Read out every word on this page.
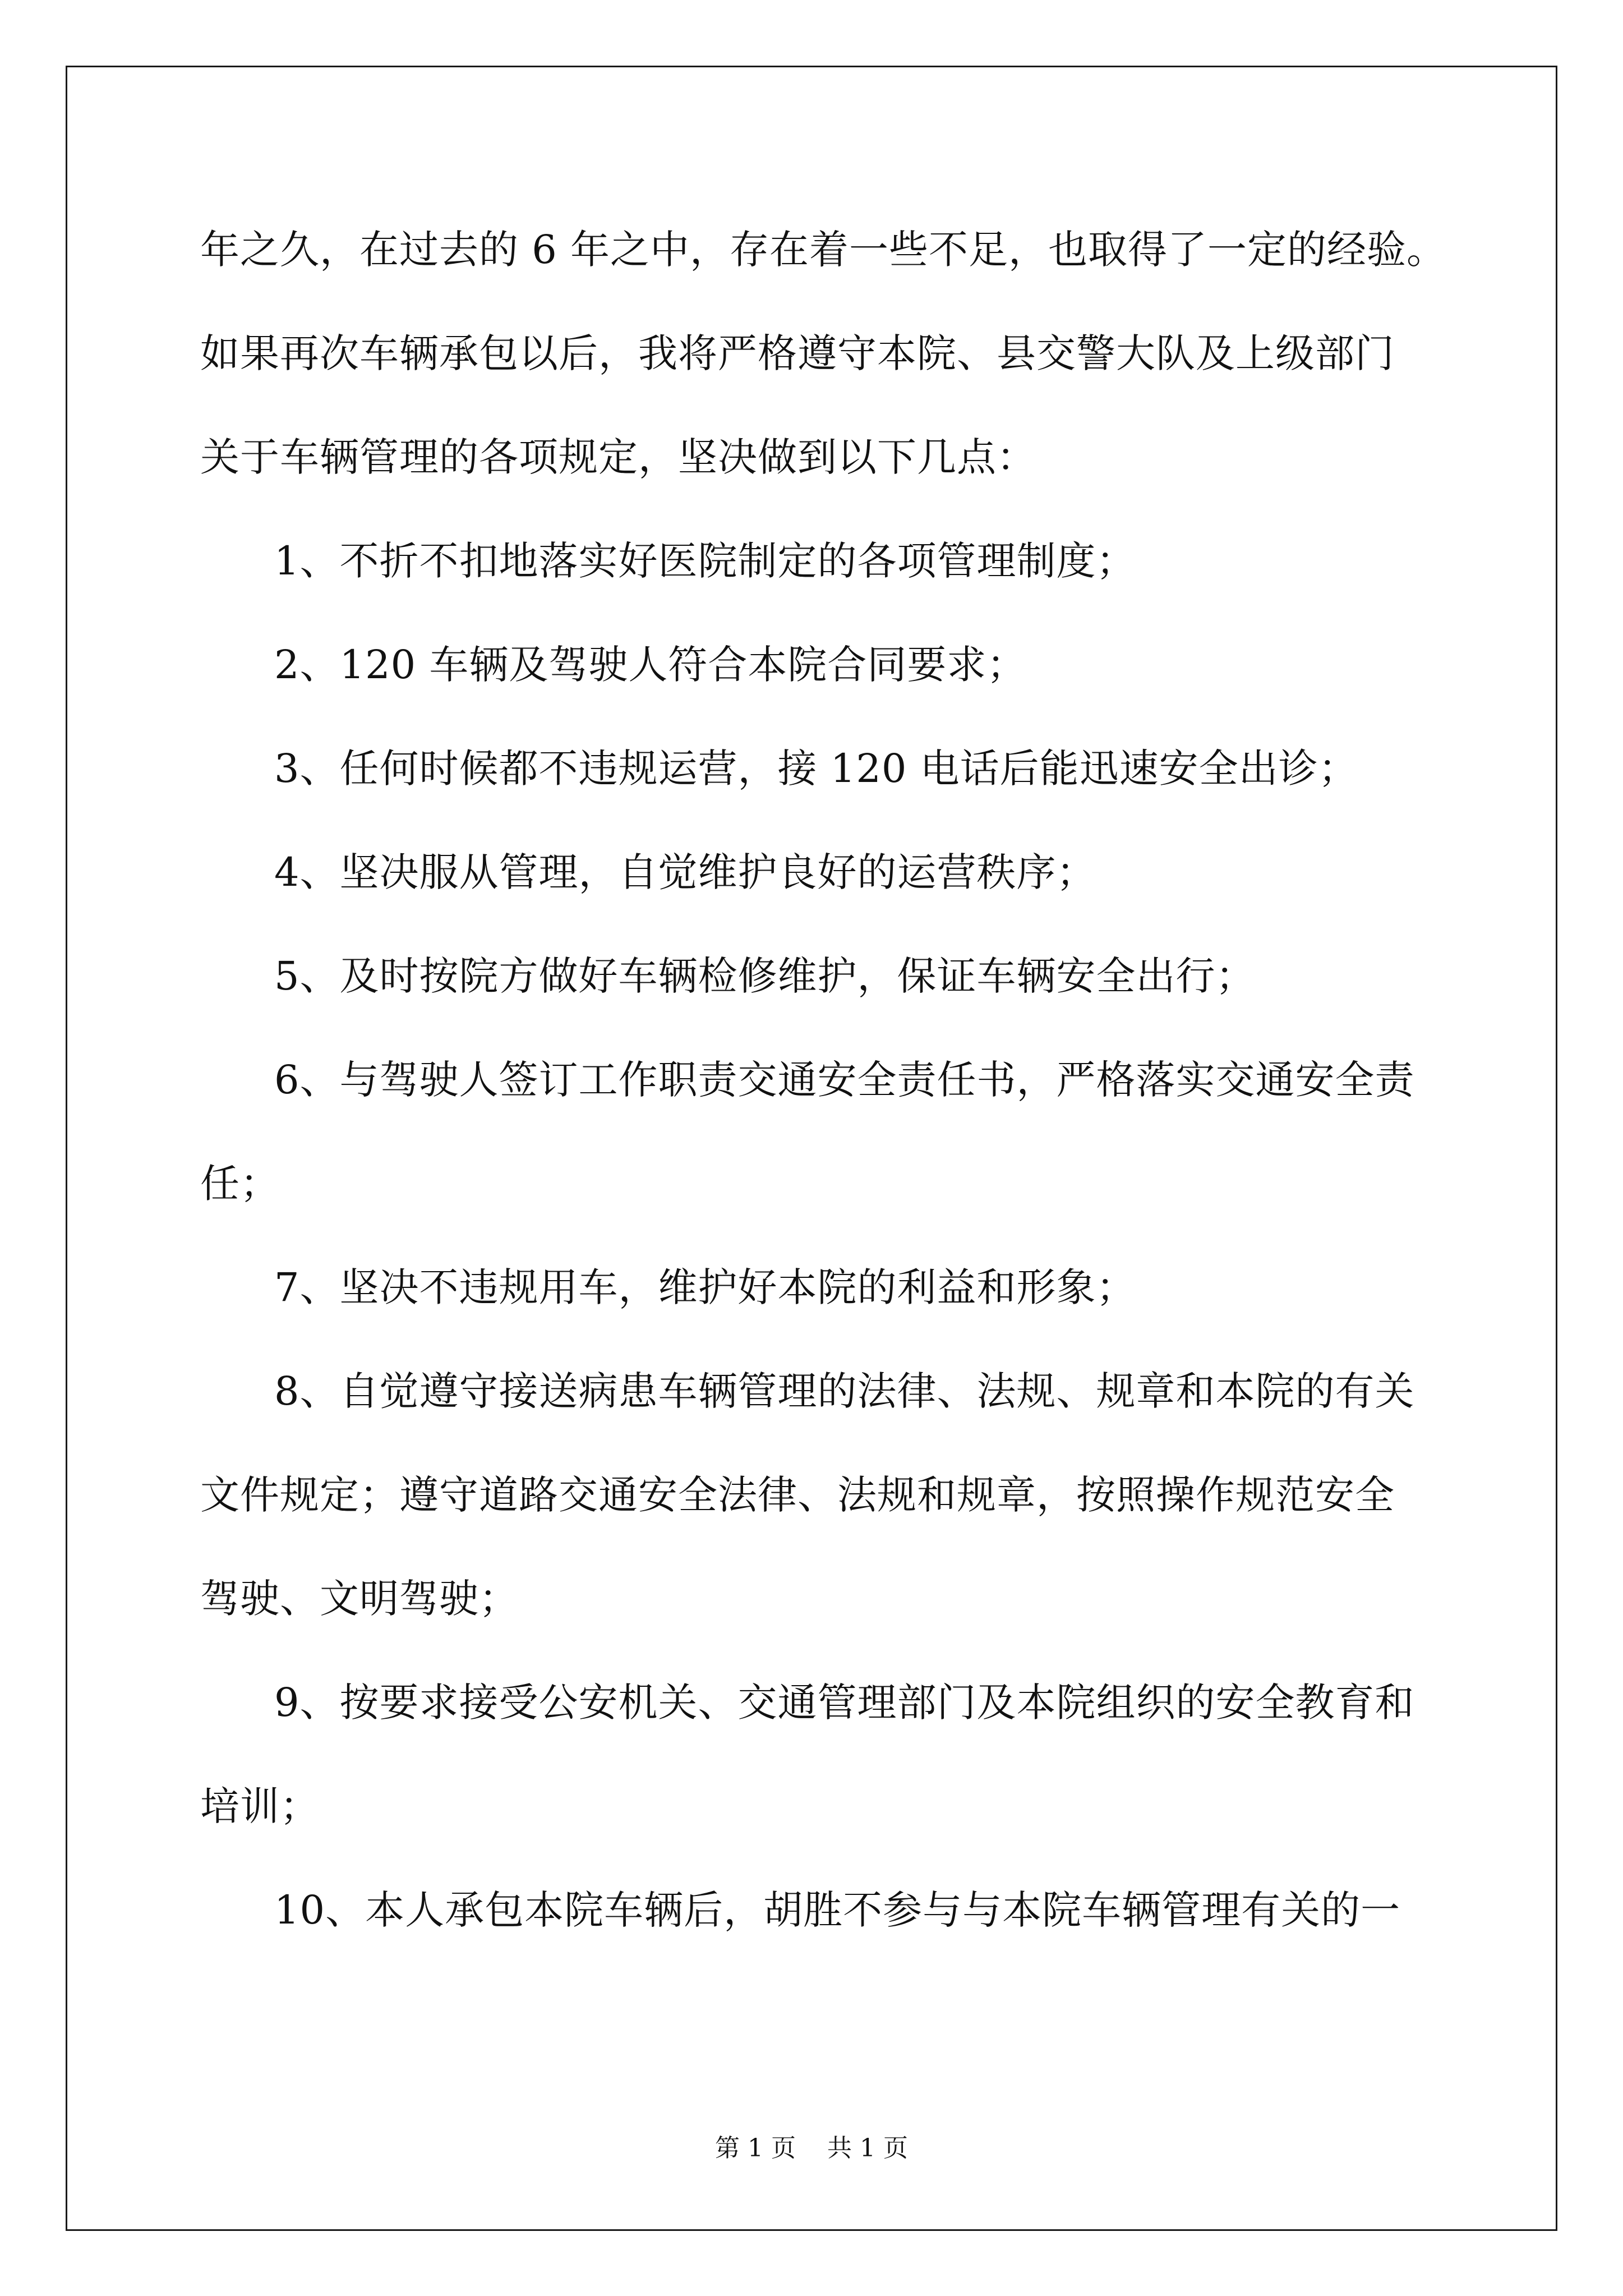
年之久，在过去的 6 年之中，存在着一些不足，也取得了一定的经验。
如果再次车辆承包以后，我将严格遵守本院、县交警大队及上级部门
关于车辆管理的各项规定，坚决做到以下几点：
1、不折不扣地落实好医院制定的各项管理制度；
2、120 车辆及驾驶人符合本院合同要求；
3、任何时候都不违规运营，接 120 电话后能迅速安全出诊；
4、坚决服从管理，自觉维护良好的运营秩序；
5、及时按院方做好车辆检修维护，保证车辆安全出行；
6、与驾驶人签订工作职责交通安全责任书，严格落实交通安全责
任；
7、坚决不违规用车，维护好本院的利益和形象；
8、自觉遵守接送病患车辆管理的法律、法规、规章和本院的有关
文件规定；遵守道路交通安全法律、法规和规章，按照操作规范安全
驾驶、文明驾驶；
9、按要求接受公安机关、交通管理部门及本院组织的安全教育和
培训；
10、本人承包本院车辆后，胡胜不参与与本院车辆管理有关的一
第 1 页 共 1 页
